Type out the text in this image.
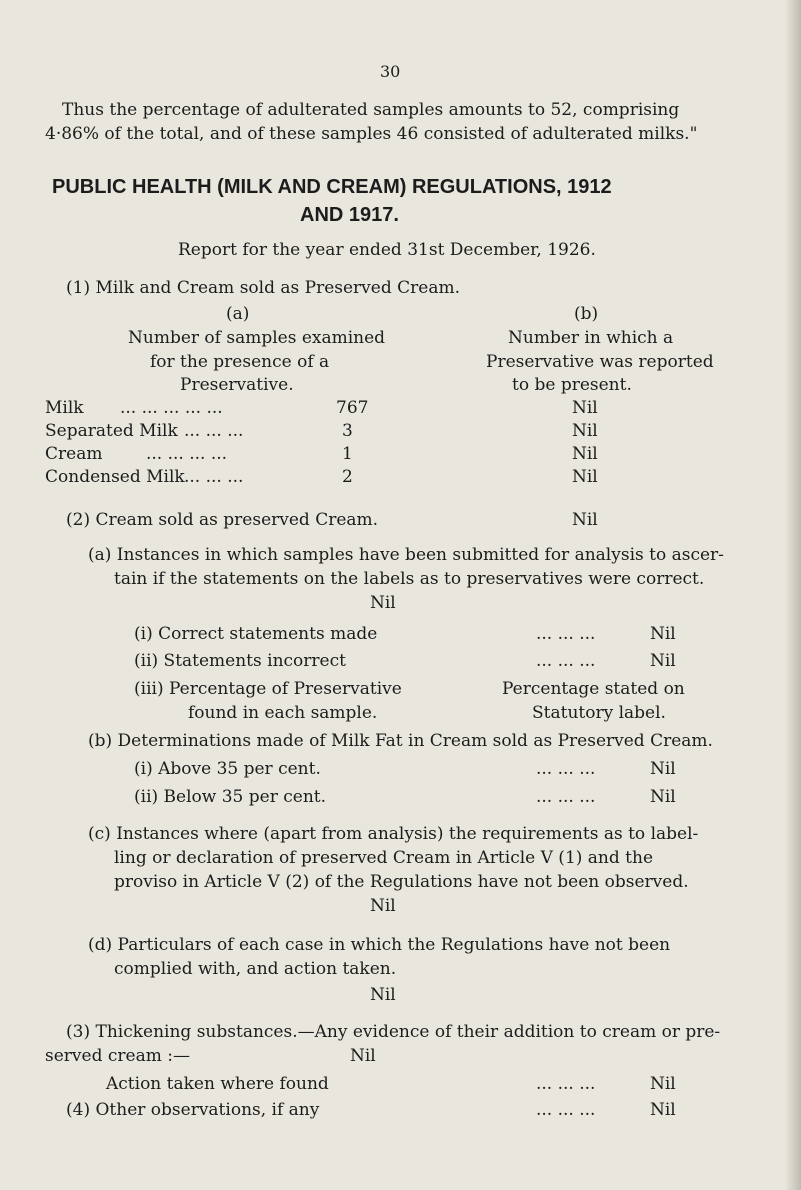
30
Thus the percentage of adulterated samples amounts to 52, comprising
4·86% of the total, and of these samples 46 consisted of adulterated milks."
PUBLIC HEALTH (MILK AND CREAM) REGULATIONS, 1912
AND 1917.
Report for the year ended 31st December, 1926.
(1) Milk and Cream sold as Preserved Cream.
(a)
Number of samples examined
for the presence of a
Preservative.
(b)
Number in which a
Preservative was reported
to be present.
Milk ... ... ... ... ...	767	Nil
Separated Milk ... ... ...	3	Nil
Cream	... ... ... ...	1	Nil
Condensed Milk ... ... ...	2	Nil
(2) Cream sold as preserved Cream.	Nil
(a) Instances in which samples have been submitted for analysis to ascer-
tain if the statements on the labels as to preservatives were correct.
Nil
(i) Correct statements made	... ... ...	Nil
(ii) Statements incorrect	... ... ...	Nil
(iii) Percentage of Preservative
found in each sample.
Percentage stated on
Statutory label.
(b) Determinations made of Milk Fat in Cream sold as Preserved Cream.
(i) Above 35 per cent.	... ... ...	Nil
(ii) Below 35 per cent.	... ... ...	Nil
(c) Instances where (apart from analysis) the requirements as to label-
ling or declaration of preserved Cream in Article V (1) and the
proviso in Article V (2) of the Regulations have not been observed.
Nil
(d) Particulars of each case in which the Regulations have not been
complied with, and action taken.
Nil
(3) Thickening substances.—Any evidence of their addition to cream or pre-
served cream :—	Nil
Action taken where found	... ... ...	Nil
(4) Other observations, if any	... ... ...	Nil
